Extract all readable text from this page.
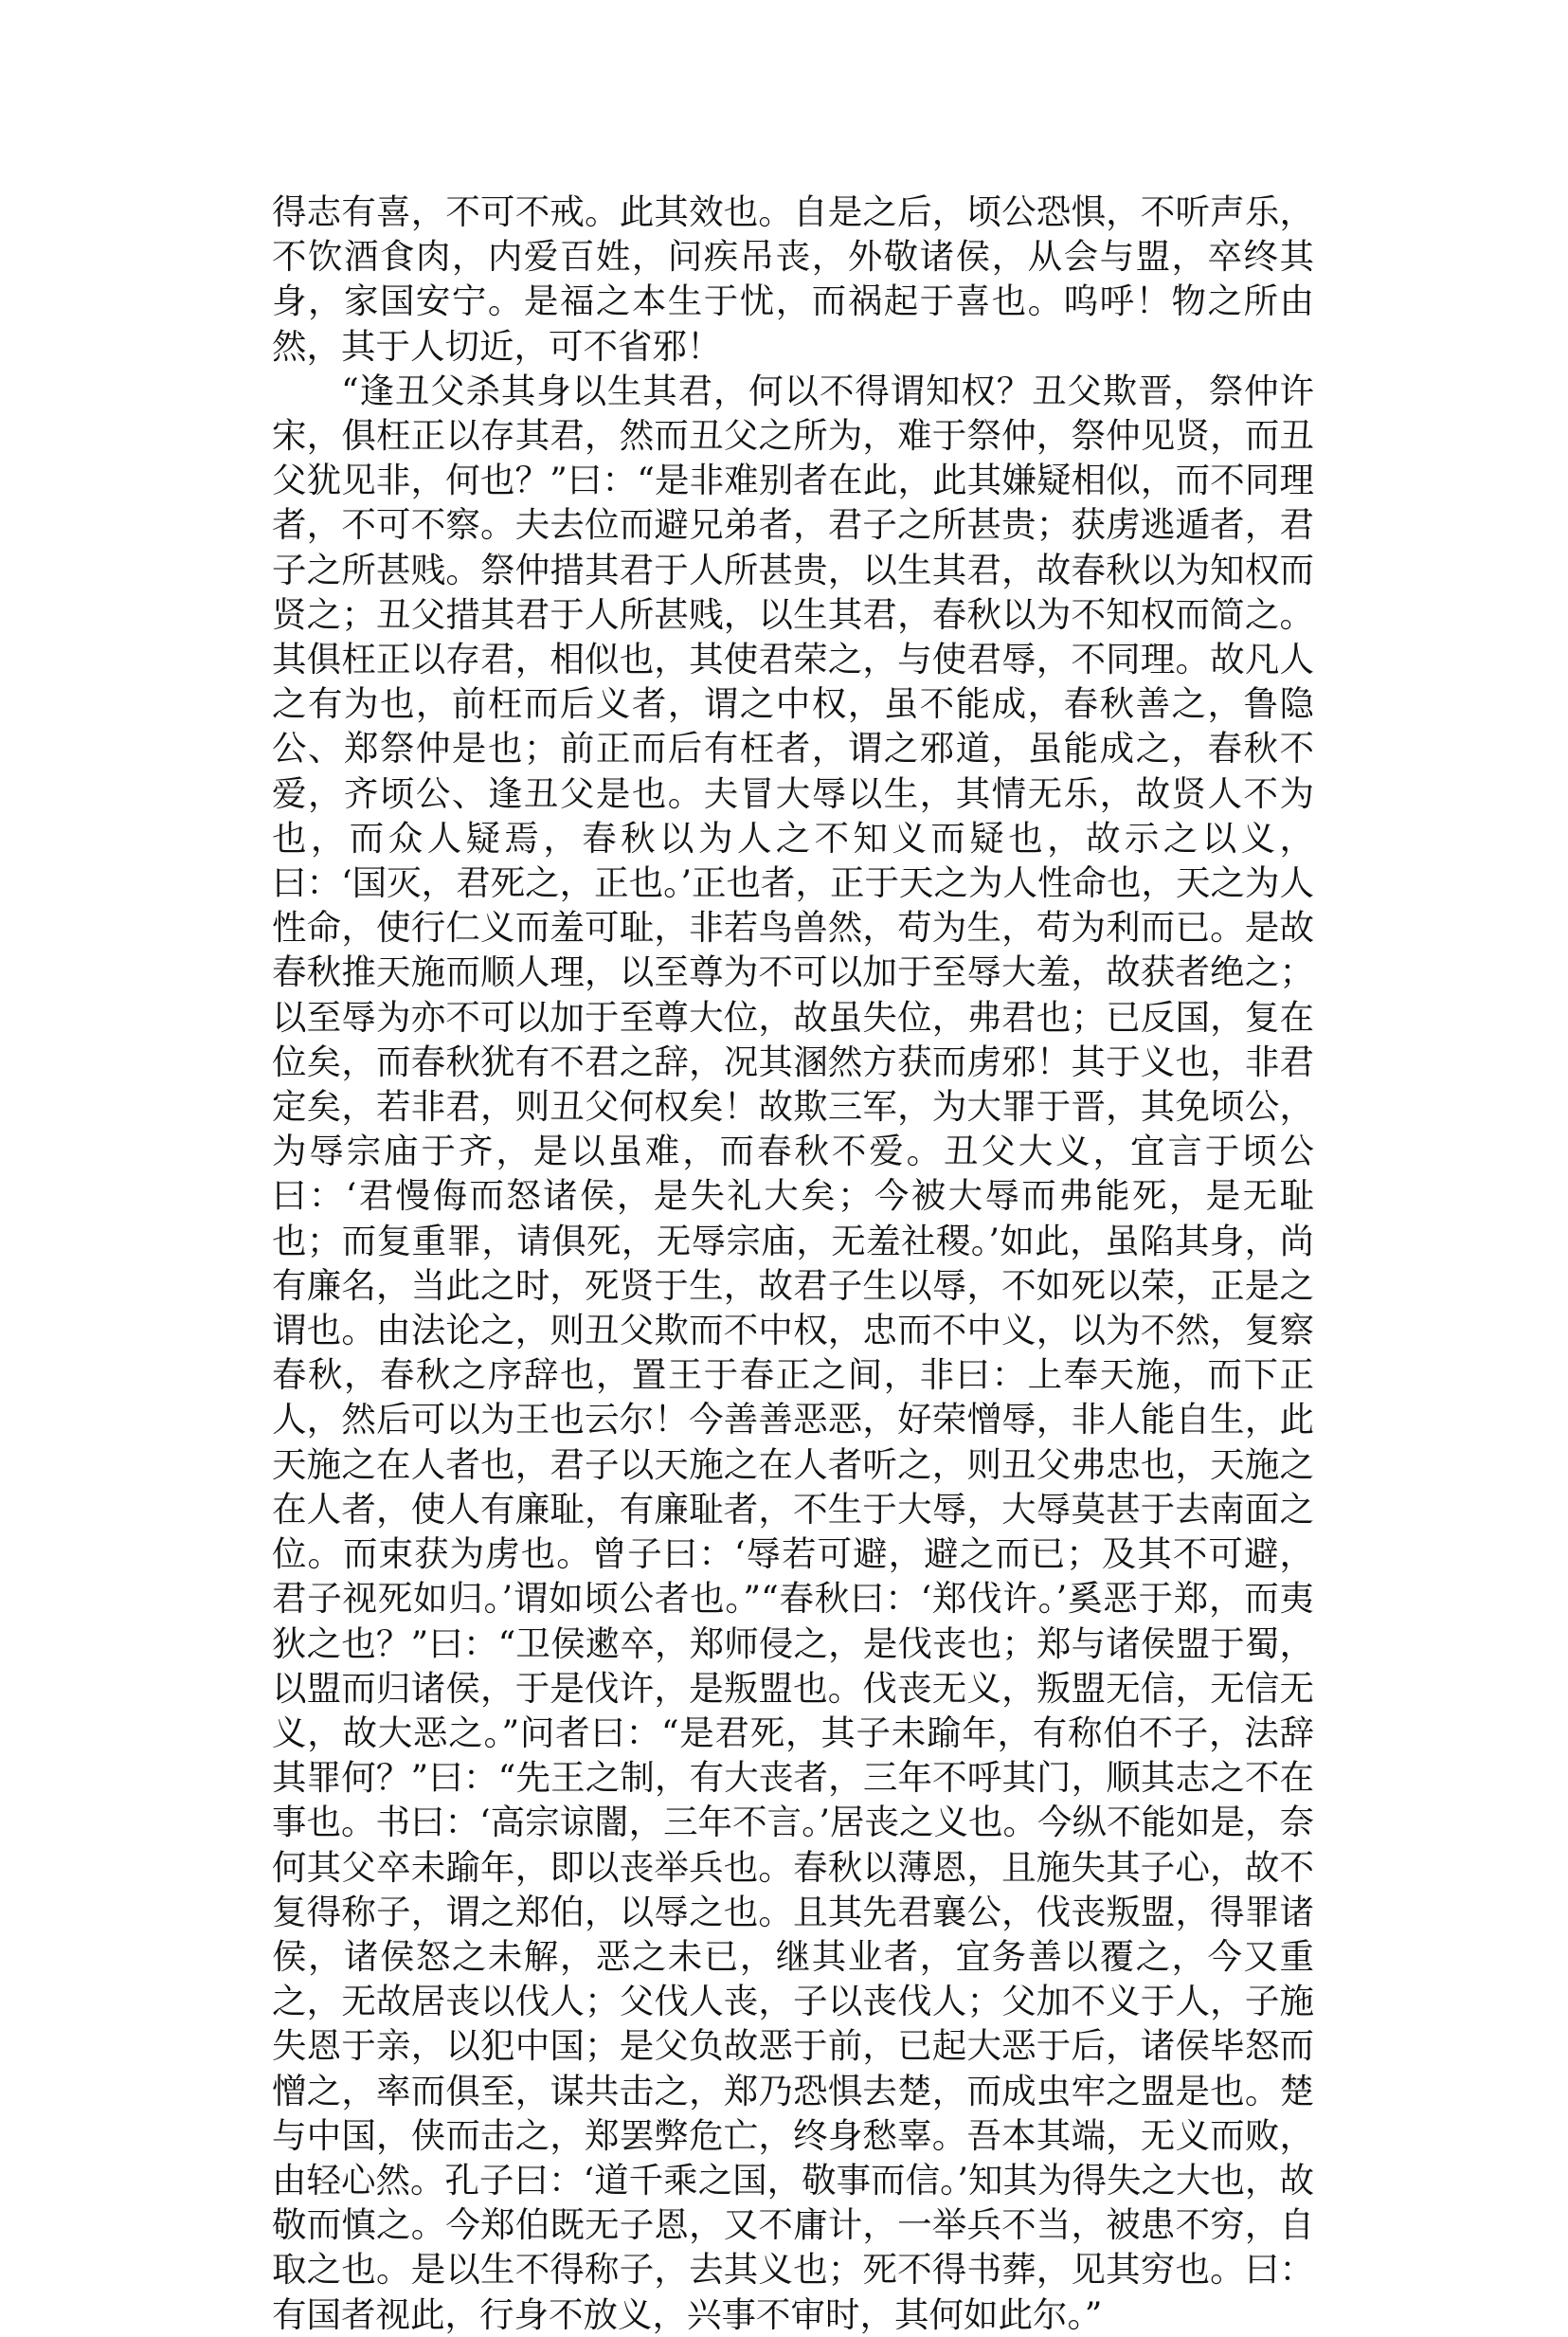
得志有喜，不可不戒。此其效也。自是之后，顷公恐惧，不听声乐，不饮酒食肉，内爱百姓，问疾吊丧，外敬诸侯，从会与盟，卒终其身，家国安宁。是福之本生于忧，而祸起于喜也。呜呼！物之所由然，其于人切近，可不省邪！

“逢丑父杀其身以生其君，何以不得谓知权？丑父欺晋，祭仲许宋，俱枉正以存其君，然而丑父之所为，难于祭仲，祭仲见贤，而丑父犹见非，何也？”曰：“是非难别者在此，此其嫌疑相似，而不同理者，不可不察。夫去位而避兄弟者，君子之所甚贵；获虏逃遁者，君子之所甚贱。祭仲措其君于人所甚贵，以生其君，故春秋以为知权而贤之；丑父措其君于人所甚贱，以生其君，春秋以为不知权而简之。其俱枉正以存君，相似也，其使君荣之，与使君辱，不同理。故凡人之有为也，前枉而后义者，谓之中权，虽不能成，春秋善之，鲁隐公、郑祭仲是也；前正而后有枉者，谓之邪道，虽能成之，春秋不爱，齐顷公、逢丑父是也。夫冒大辱以生，其情无乐，故贤人不为也，而众人疑焉，春秋以为人之不知义而疑也，故示之以义，曰：‘国灭，君死之，正也。’正也者，正于天之为人性命也，天之为人性命，使行仁义而羞可耻，非若鸟兽然，苟为生，苟为利而已。是故春秋推天施而顺人理，以至尊为不可以加于至辱大羞，故获者绝之；以至辱为亦不可以加于至尊大位，故虽失位，弗君也；已反国，复在位矣，而春秋犹有不君之辞，况其溷然方获而虏邪！其于义也，非君定矣，若非君，则丑父何权矣！故欺三军，为大罪于晋，其免顷公，为辱宗庙于齐，是以虽难，而春秋不爱。丑父大义，宜言于顷公曰：‘君慢侮而怒诸侯，是失礼大矣；今被大辱而弗能死，是无耻也；而复重罪，请俱死，无辱宗庙，无羞社稷。’如此，虽陷其身，尚有廉名，当此之时，死贤于生，故君子生以辱，不如死以荣，正是之谓也。由法论之，则丑父欺而不中权，忠而不中义，以为不然，复察春秋，春秋之序辞也，置王于春正之间，非曰：上奉天施，而下正人，然后可以为王也云尔！今善善恶恶，好荣憎辱，非人能自生，此天施之在人者也，君子以天施之在人者听之，则丑父弗忠也，天施之在人者，使人有廉耻，有廉耻者，不生于大辱，大辱莫甚于去南面之位。而束获为虏也。曾子曰：‘辱若可避，避之而已；及其不可避，君子视死如归。’谓如顷公者也。”“春秋曰：‘郑伐许。’奚恶于郑，而夷狄之也？”曰：“卫侯遬卒，郑师侵之，是伐丧也；郑与诸侯盟于蜀，以盟而归诸侯，于是伐许，是叛盟也。伐丧无义，叛盟无信，无信无义，故大恶之。”问者曰：“是君死，其子未踰年，有称伯不子，法辞其罪何？”曰：“先王之制，有大丧者，三年不呼其门，顺其志之不在事也。书曰：‘高宗谅闇，三年不言。’居丧之义也。今纵不能如是，奈何其父卒未踰年，即以丧举兵也。春秋以薄恩，且施失其子心，故不复得称子，谓之郑伯，以辱之也。且其先君襄公，伐丧叛盟，得罪诸侯，诸侯怒之未解，恶之未已，继其业者，宜务善以覆之，今又重之，无故居丧以伐人；父伐人丧，子以丧伐人；父加不义于人，子施失恩于亲，以犯中国；是父负故恶于前，已起大恶于后，诸侯毕怒而憎之，率而俱至，谋共击之，郑乃恐惧去楚，而成虫牢之盟是也。楚与中国，侠而击之，郑罢弊危亡，终身愁辜。吾本其端，无义而败，由轻心然。孔子曰：‘道千乘之国，敬事而信。’知其为得失之大也，故敬而慎之。今郑伯既无子恩，又不庸计，一举兵不当，被患不穷，自取之也。是以生不得称子，去其义也；死不得书葬，见其穷也。曰：有国者视此，行身不放义，兴事不审时，其何如此尔。”
